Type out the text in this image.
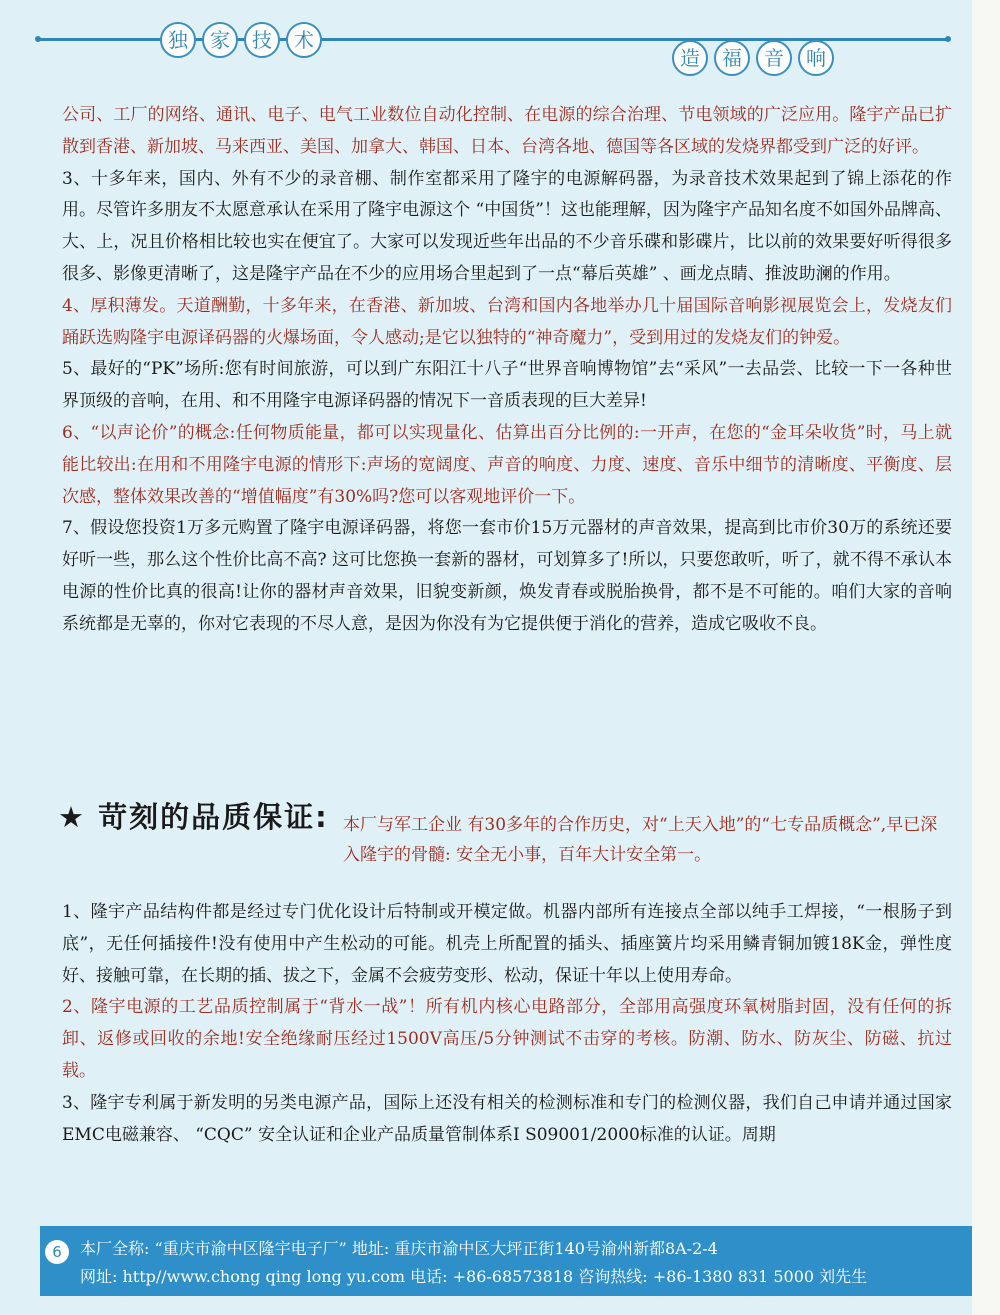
独	家	技	术
造	福	音	响

公司、工厂的网络、通讯、电子、电气工业数位自动化控制、在电源的综合治理、节电领域的广泛应用。隆宇产品已扩散到香港、新加坡、马来西亚、美国、加拿大、韩国、日本、台湾各地、德国等各区域的发烧界都受到广泛的好评。

3、十多年来，国内、外有不少的录音棚、制作室都采用了隆宇的电源解码器，为录音技术效果起到了锦上添花的作用。尽管许多朋友不太愿意承认在采用了隆宇电源这个 “中国货”！这也能理解，因为隆宇产品知名度不如国外品牌高、大、上，况且价格相比较也实在便宜了。大家可以发现近些年出品的不少音乐碟和影碟片，比以前的效果要好听得很多很多、影像更清晰了，这是隆宇产品在不少的应用场合里起到了一点“幕后英雄” 、画龙点睛、推波助澜的作用。

4、厚积薄发。天道酬勤，十多年来，在香港、新加坡、台湾和国内各地举办几十届国际音响影视展览会上，发烧友们踊跃选购隆宇电源译码器的火爆场面，令人感动;是它以独特的“神奇魔力”，受到用过的发烧友们的钟爱。

5、最好的“PK”场所:您有时间旅游，可以到广东阳江十八子“世界音响博物馆”去“采风”一去品尝、比较一下一各种世界顶级的音响，在用、和不用隆宇电源译码器的情况下一音质表现的巨大差异!

6、“以声论价”的概念:任何物质能量，都可以实现量化、估算出百分比例的:一开声，在您的“金耳朵收货”时，马上就能比较出:在用和不用隆宇电源的情形下:声场的宽阔度、声音的响度、力度、速度、音乐中细节的清晰度、平衡度、层次感，整体效果改善的“增值幅度”有30%吗?您可以客观地评价一下。

7、假设您投资1万多元购置了隆宇电源译码器，将您一套市价15万元器材的声音效果，提高到比市价30万的系统还要好听一些，那么这个性价比高不高? 这可比您换一套新的器材，可划算多了!所以，只要您敢听，听了，就不得不承认本电源的性价比真的很高!让你的器材声音效果，旧貌变新颜，焕发青春或脱胎换骨，都不是不可能的。咱们大家的音响系统都是无辜的，你对它表现的不尽人意，是因为你没有为它提供便于消化的营养，造成它吸收不良。

★ 苛刻的品质保证: 本厂与军工企业 有30多年的合作历史，对“上天入地”的“七专品质概念”,早已深入隆宇的骨髓: 安全无小事，百年大计安全第一。

1、隆宇产品结构件都是经过专门优化设计后特制或开模定做。机器内部所有连接点全部以纯手工焊接，“一根肠子到底”，无任何插接件!没有使用中产生松动的可能。机壳上所配置的插头、插座簧片均采用鳞青铜加镀18K金，弹性度好、接触可靠，在长期的插、拔之下，金属不会疲劳变形、松动，保证十年以上使用寿命。

2、隆宇电源的工艺品质控制属于“背水一战”！所有机内核心电路部分，全部用高强度环氧树脂封固，没有任何的拆卸、返修或回收的余地!安全绝缘耐压经过1500V高压/5分钟测试不击穿的考核。防潮、防水、防灰尘、防磁、抗过载。

3、隆宇专利属于新发明的另类电源产品，国际上还没有相关的检测标准和专门的检测仪器，我们自己申请并通过国家EMC电磁兼容、 “CQC” 安全认证和企业产品质量管制体系I S09001/2000标准的认证。周期

6	本厂全称: “重庆市渝中区隆宇电子厂” 地址: 重庆市渝中区大坪正街140号渝州新都8A-2-4
网址: http//www.chong qing long yu.com 电话: +86-68573818 咨询热线: +86-1380 831 5000 刘先生
